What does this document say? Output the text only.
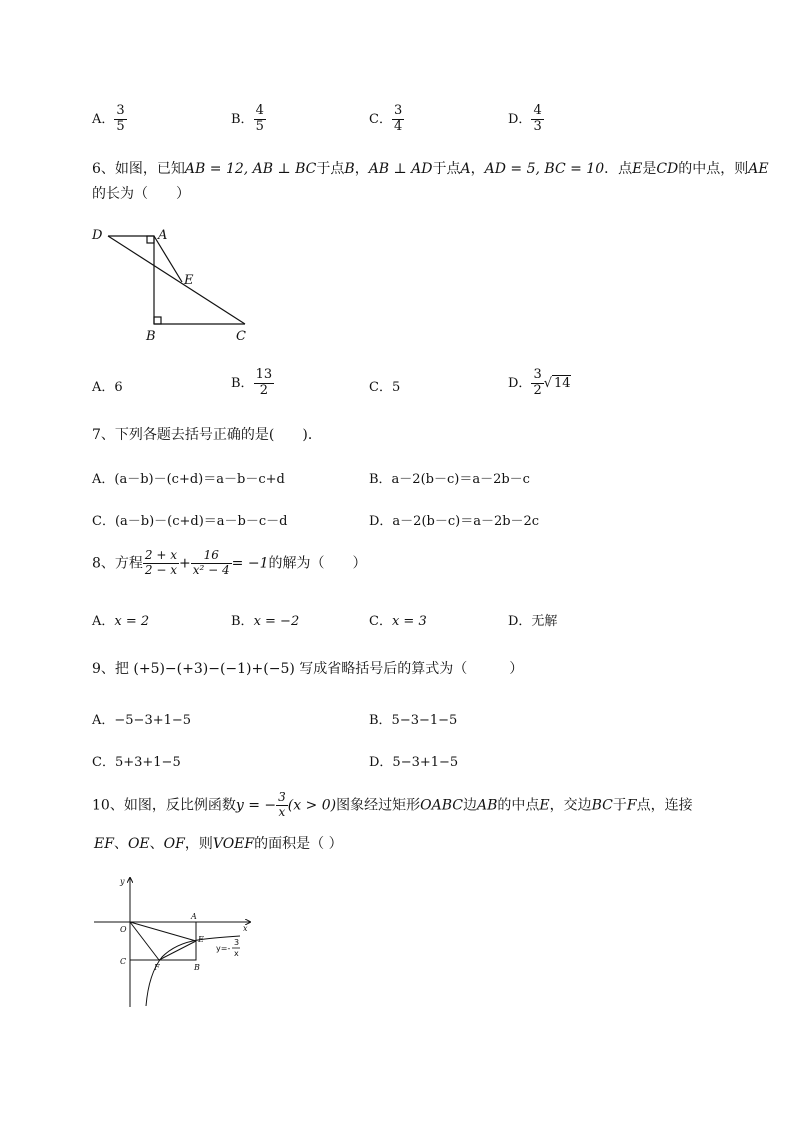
A． $\frac{3}{5}$	B． $\frac{4}{5}$	C． $\frac{3}{4}$	D． $\frac{4}{3}$
6、如图，已知AB = 12, AB ⊥ BC于点B，AB ⊥ AD于点A，AD = 5, BC = 10．点E是CD的中点，则AE
的长为（　　）
D	A
E
B	C
A．6	B． $\frac{13}{2}$	C．5	D． $\frac{3}{2}$ √ 14
7、下列各题去括号正确的是(　　)．
A．(a－b)－(c+d)＝a－b－c+d	B．a－2(b－c)＝a－2b－c
C．(a－b)－(c+d)＝a－b－c－d	D．a－2(b－c)＝a－2b－2c
8、方程 $\frac{2 + x}{2 - x} + \frac{16}{\text{x² − 4}} = -1$的解为（　　）
A．x = 2	B．x = −2	C．x = 3	D．无解
9、把 (+5)−(+3)−(−1)+(−5) 写成省略括号后的算式为（　　　）
A．−5−3+1−5	B．5−3−1−5
C．5+3+1−5	D．5−3+1−5
10、如图，反比例函数y = − $\frac{3}{x} (x > 0)$图象经过矩形OABC边AB的中点E，交边BC于F点，连接
EF、OE、OF，则VOEF的面积是（ ）
y
x
O
A
E
C
F	B
y=-
3
x
